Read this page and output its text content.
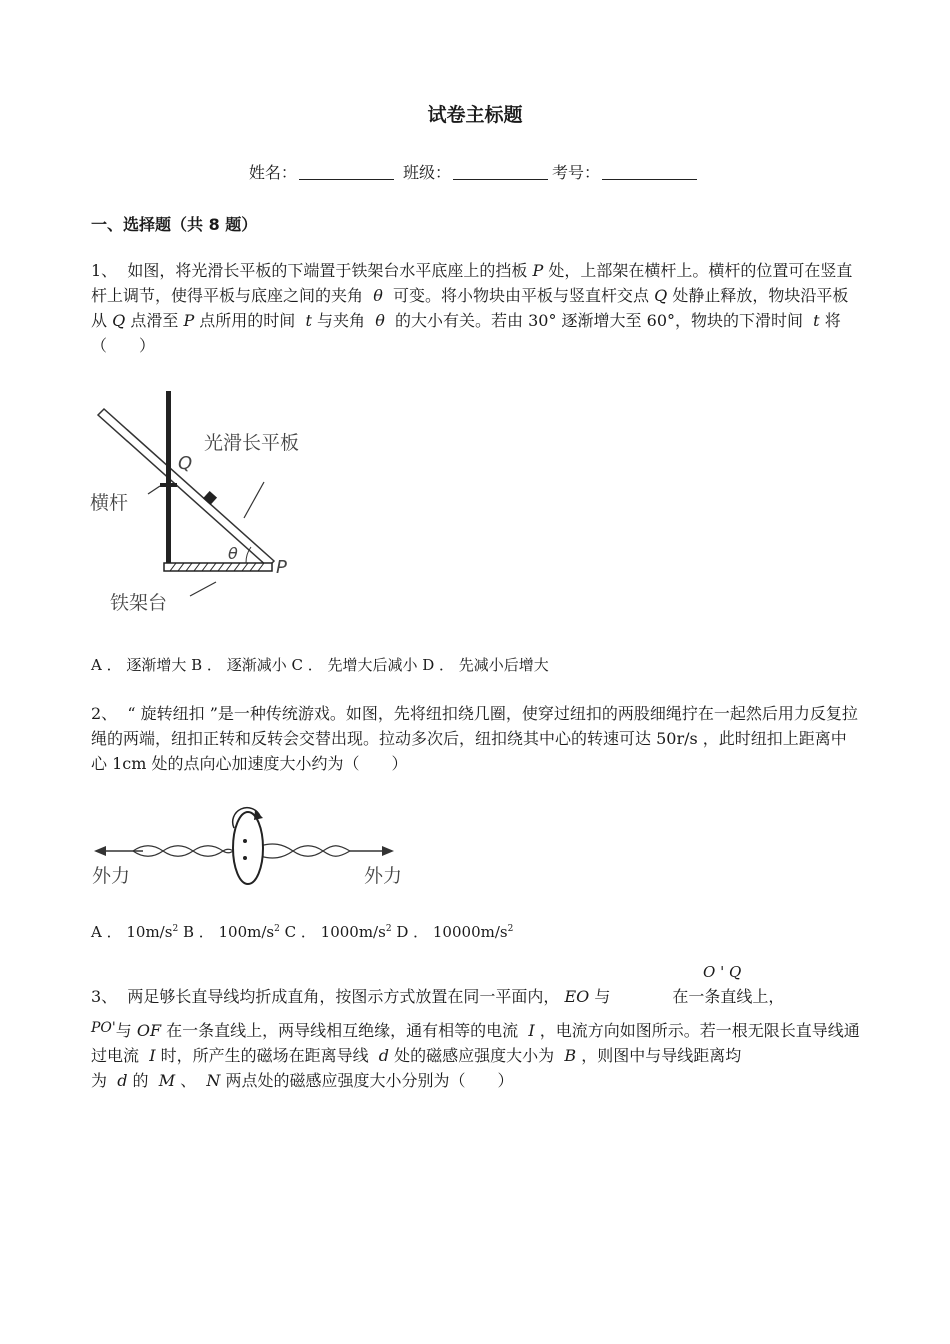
试卷主标题
姓名：	班级：	考号：
一、选择题（共 8 题）
1、 如图，将光滑长平板的下端置于铁架台水平底座上的挡板 P 处，上部架在横杆上。横杆的位置可在竖直杆上调节，使得平板与底座之间的夹角 θ 可变。将小物块由平板与竖直杆交点 Q 处静止释放，物块沿平板从 Q 点滑至 P 点所用的时间 t 与夹角 θ 的大小有关。若由 30° 逐渐增大至 60°，物块的下滑时间 t 将（　　）
光滑长平板
Q
横杆
θ
P
铁架台
A ． 逐渐增大 B ． 逐渐减小 C ． 先增大后减小 D ． 先减小后增大
2、 “ 旋转纽扣 ”是一种传统游戏。如图，先将纽扣绕几圈，使穿过纽扣的两股细绳拧在一起然后用力反复拉绳的两端，纽扣正转和反转会交替出现。拉动多次后，纽扣绕其中心的转速可达 50r/s ，此时纽扣上距离中心 1cm 处的点向心加速度大小约为（　　）
外力	外力
A ． $10m/s^2$ B ． $100m/s^2$ C ． $1000m/s^2$ D ． $10000m/s^2$
O ' Q
3、 两足够长直导线均折成直角，按图示方式放置在同一平面内， EO 与	在一条直线上，
PO'与 OF 在一条直线上，两导线相互绝缘，通有相等的电流 I ，电流方向如图所示。若一根无限长直导线通过电流 I 时，所产生的磁场在距离导线 d 处的磁感应强度大小为 B ，则图中与导线距离均为 d 的 M 、 N 两点处的磁感应强度大小分别为（　　）
